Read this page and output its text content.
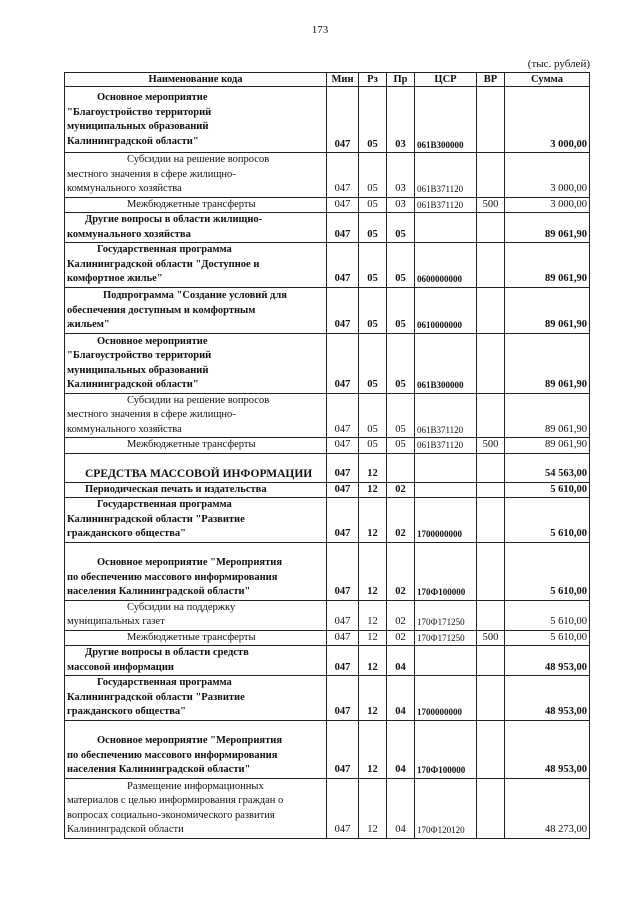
173
(тыс. рублей)
Наименование кода	Мин	Рз	Пр	ЦСР	ВР	Сумма
Основное мероприятие
"Благоустройство территорий
муниципальных образований
Калининградской области"	047	05	03	061В300000		3 000,00
Субсидии на решение вопросов
местного значения в сфере жилищно-
коммунального хозяйства	047	05	03	061В371120		3 000,00
Межбюджетные трансферты	047	05	03	061В371120	500	3 000,00
Другие вопросы в области жилищно-
коммунального хозяйства	047	05	05			89 061,90
Государственная программа
Калининградской области "Доступное и
комфортное жилье"	047	05	05	0600000000		89 061,90
Подпрограмма "Создание условий для
обеспечения доступным и комфортным
жильем"	047	05	05	0610000000		89 061,90
Основное мероприятие
"Благоустройство территорий
муниципальных образований
Калининградской области"	047	05	05	061В300000		89 061,90
Субсидии на решение вопросов
местного значения в сфере жилищно-
коммунального хозяйства	047	05	05	061В371120		89 061,90
Межбюджетные трансферты	047	05	05	061В371120	500	89 061,90
СРЕДСТВА МАССОВОЙ ИНФОРМАЦИИ	047	12				54 563,00
Периодическая печать и издательства	047	12	02			5 610,00
Государственная программа
Калининградской области "Развитие
гражданского общества"	047	12	02	1700000000		5 610,00
Основное мероприятие "Мероприятия
по обеспечению массового информирования
населения Калининградской области"	047	12	02	170Ф100000		5 610,00
Субсидии на поддержку
муниципальных газет	047	12	02	170Ф171250		5 610,00
Межбюджетные трансферты	047	12	02	170Ф171250	500	5 610,00
Другие вопросы в области средств
массовой информации	047	12	04			48 953,00
Государственная программа
Калининградской области "Развитие
гражданского общества"	047	12	04	1700000000		48 953,00
Основное мероприятие "Мероприятия
по обеспечению массового информирования
населения Калининградской области"	047	12	04	170Ф100000		48 953,00
Размещение информационных
материалов с целью информирования граждан о
вопросах социально-экономического развития
Калининградской области	047	12	04	170Ф120120		48 273,00
